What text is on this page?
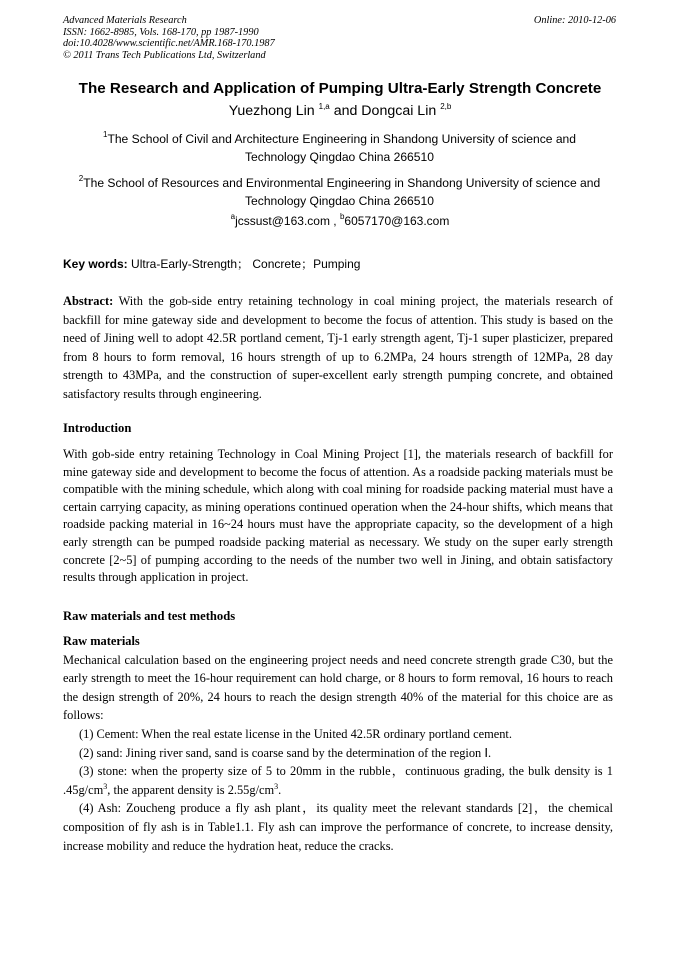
Advanced Materials Research
ISSN: 1662-8985, Vols. 168-170, pp 1987-1990
doi:10.4028/www.scientific.net/AMR.168-170.1987
© 2011 Trans Tech Publications Ltd, Switzerland
Online: 2010-12-06
The Research and Application of Pumping Ultra-Early Strength Concrete
Yuezhong Lin $^{1,a}$ and Dongcai Lin $^{2,b}$
$^1$The School of Civil and Architecture Engineering in Shandong University of science and
Technology Qingdao China 266510
$^2$The School of Resources and Environmental Engineering in Shandong University of science and
Technology Qingdao China 266510
$^a$jcssust@163.com , $^b$6057170@163.com
Key words: Ultra-Early-Strength； Concrete；Pumping
Abstract: With the gob-side entry retaining technology in coal mining project, the materials research of backfill for mine gateway side and development to become the focus of attention. This study is based on the need of Jining well to adopt 42.5R portland cement, Tj-1 early strength agent, Tj-1 super plasticizer, prepared from 8 hours to form removal, 16 hours strength of up to 6.2MPa, 24 hours strength of 12MPa, 28 day strength to 43MPa, and the construction of super-excellent early strength pumping concrete, and obtained satisfactory results through engineering.
Introduction
With gob-side entry retaining Technology in Coal Mining Project [1], the materials research of backfill for mine gateway side and development to become the focus of attention. As a roadside packing materials must be compatible with the mining schedule, which along with coal mining for roadside packing material must have a certain carrying capacity, as mining operations continued operation when the 24-hour shifts, which means that roadside packing material in 16~24 hours must have the appropriate capacity, so the development of a high early strength can be pumped roadside packing material as necessary. We study on the super early strength concrete [2~5] of pumping according to the needs of the number two well in Jining, and obtain satisfactory results through application in project.
Raw materials and test methods
Raw materials
Mechanical calculation based on the engineering project needs and need concrete strength grade C30, but the early strength to meet the 16-hour requirement can hold charge, or 8 hours to form removal, 16 hours to reach the design strength of 20%, 24 hours to reach the design strength 40% of the material for this choice are as follows:
(1) Cement: When the real estate license in the United 42.5R ordinary portland cement.
(2) sand: Jining river sand, sand is coarse sand by the determination of the region Ⅰ.
(3) stone: when the property size of 5 to 20mm in the rubble，continuous grading, the bulk density is 1 $.45g/cm^3$, the apparent density is $2.55g/cm^3$.
(4) Ash: Zoucheng produce a fly ash plant，its quality meet the relevant standards [2]，the chemical composition of fly ash is in Table1.1. Fly ash can improve the performance of concrete, to increase density, increase mobility and reduce the hydration heat, reduce the cracks.
